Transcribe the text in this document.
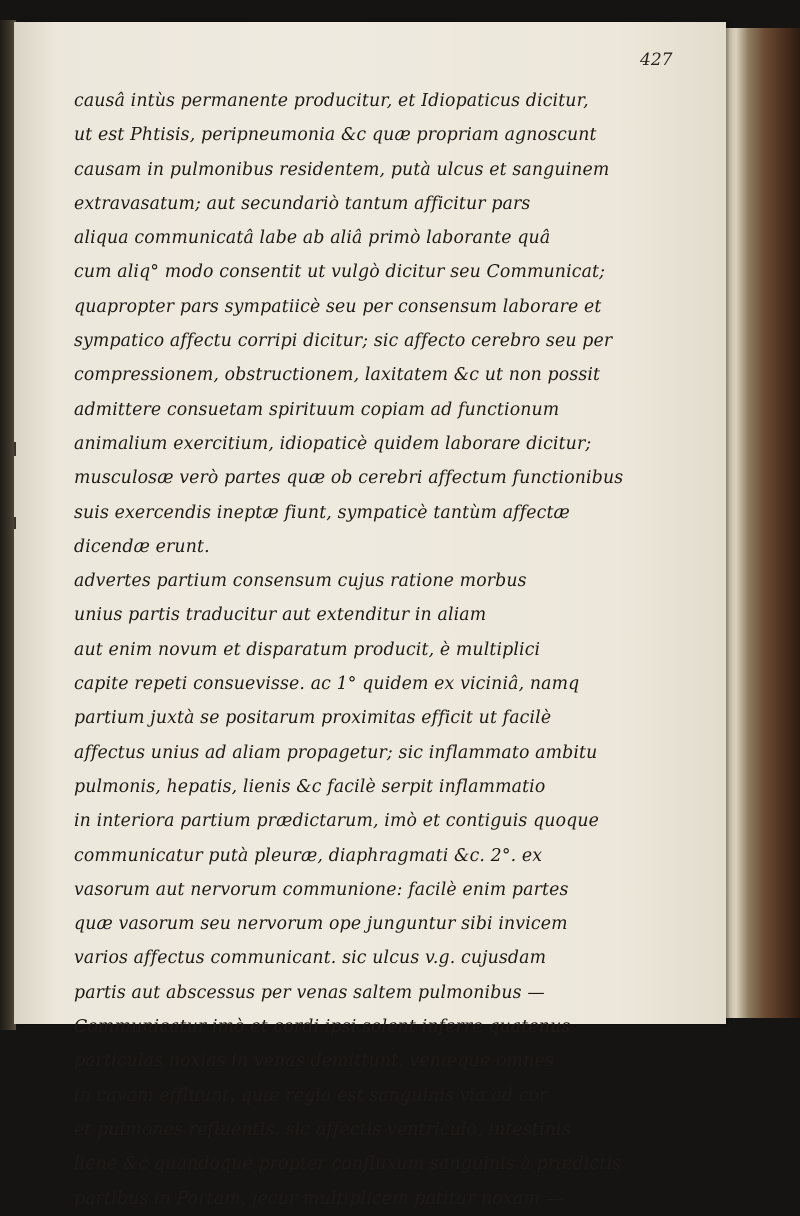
427
causâ intùs permanente producitur, et Idiopaticus dicitur,
ut est Phtisis, peripneumonia &c quæ propriam agnoscunt
causam in pulmonibus residentem, putà ulcus et sanguinem
extravasatum; aut secundariò tantum afficitur pars
aliqua communicatâ labe ab aliâ primò laborante quâ
cum aliq° modo consentit ut vulgò dicitur seu Communicat;
quapropter pars sympatiicè seu per consensum laborare et
sympatico affectu corripi dicitur; sic affecto cerebro seu per
compressionem, obstructionem, laxitatem &c ut non possit
admittere consuetam spirituum copiam ad functionum
animalium exercitium, idiopaticè quidem laborare dicitur;
musculosæ verò partes quæ ob cerebri affectum functionibus
suis exercendis ineptæ fiunt, sympaticè tantùm affectæ
dicendæ erunt.
advertes partium consensum cujus ratione morbus
unius partis traducitur aut extenditur in aliam
aut enim novum et disparatum producit, è multiplici
capite repeti consuevisse. ac 1° quidem ex viciniâ, namq
partium juxtà se positarum proximitas efficit ut facilè
affectus unius ad aliam propagetur; sic inflammato ambitu
pulmonis, hepatis, lienis &c facilè serpit inflammatio
in interiora partium prædictarum, imò et contiguis quoque
communicatur putà pleuræ, diaphragmati &c. 2°. ex
vasorum aut nervorum communione: facilè enim partes
quæ vasorum seu nervorum ope junguntur sibi invicem
varios affectus communicant. sic ulcus v.g. cujusdam
partis aut abscessus per venas saltem pulmonibus —
Communicatur imò et cordi ipsi solent inferre quatenus
particulas noxias in venas demittunt, venæque omnes
in cavam effluunt, quæ regia est sanguinis via ad cor
et pulmones refluentis. sic affectis ventriculo, intestinis
liene &c quandoque propter confluxum sanguinis à prædictis
partibus in Portam, jecur multiplicem patitur noxam —
